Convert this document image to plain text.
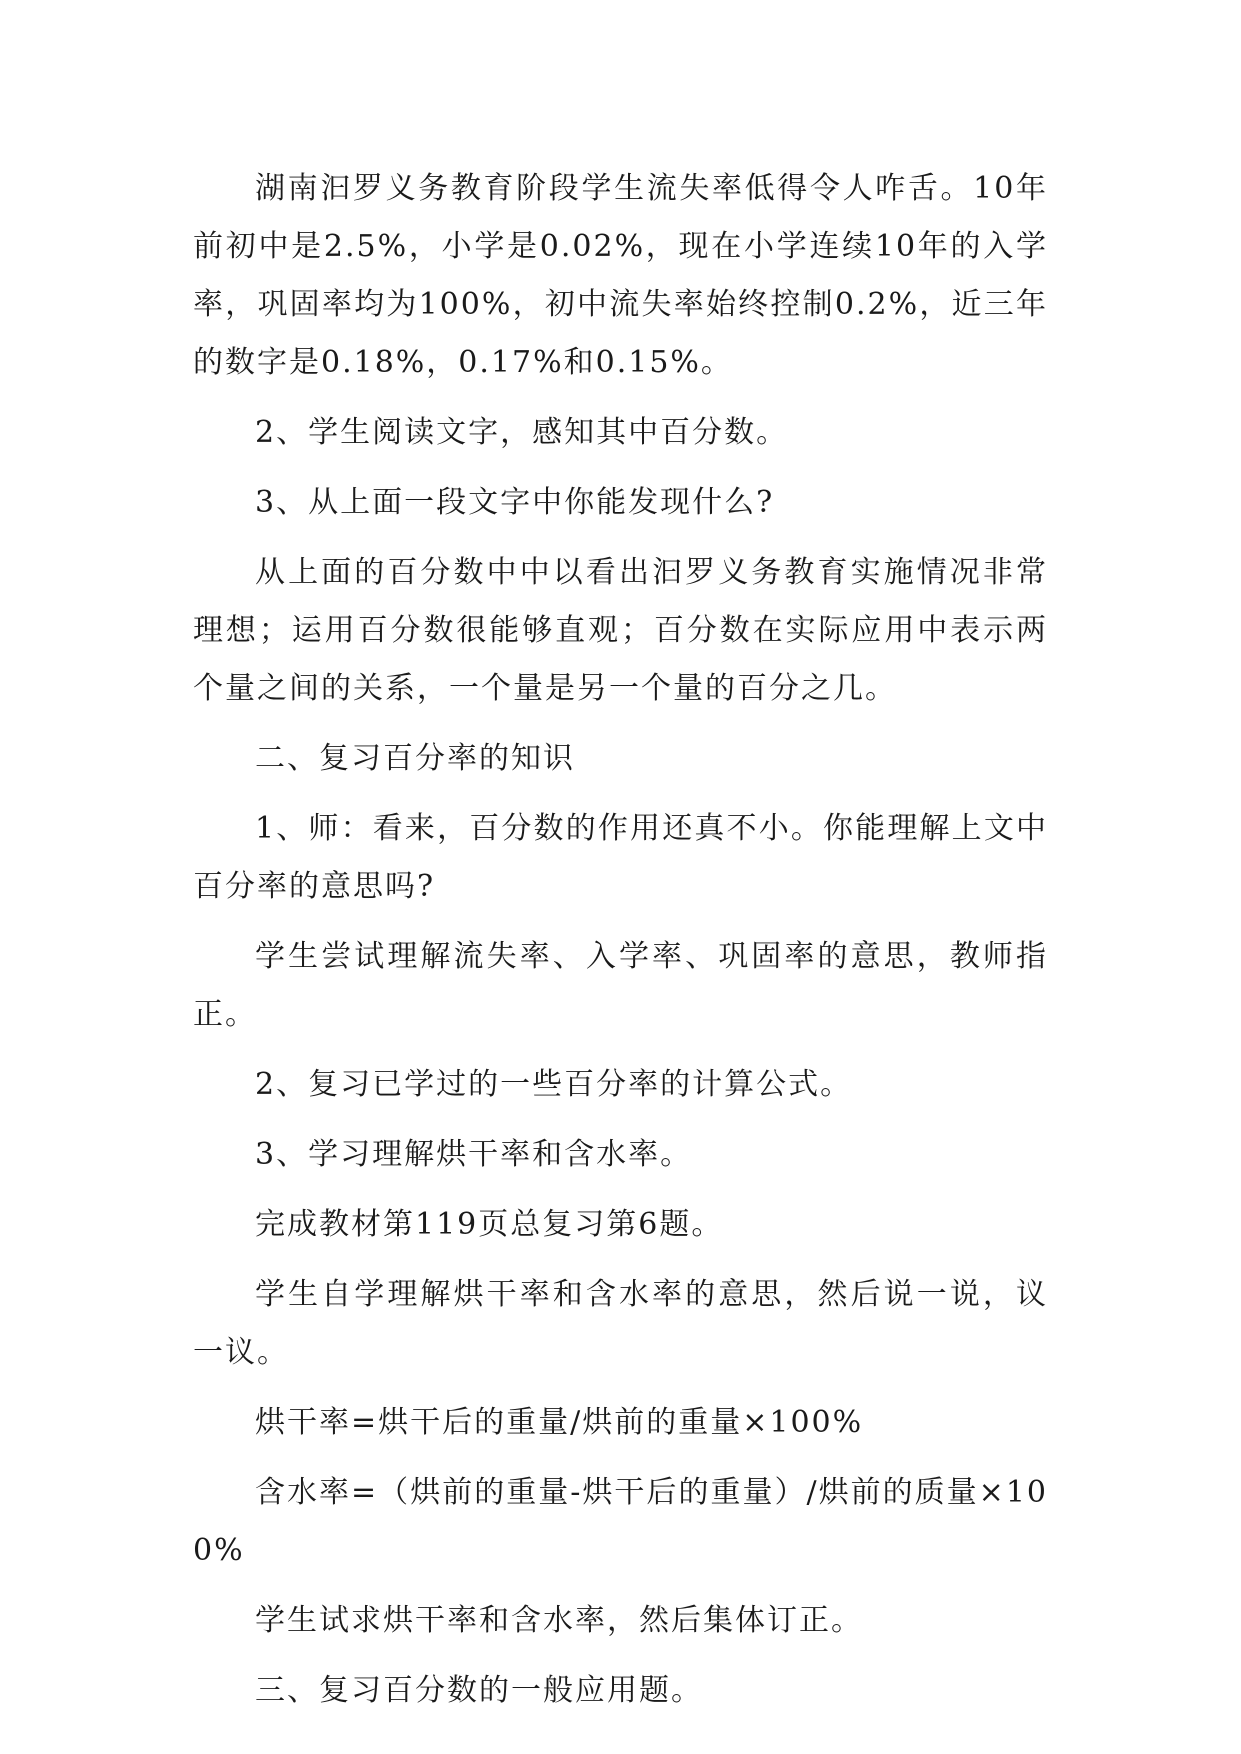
湖南汩罗义务教育阶段学生流失率低得令人咋舌。10年前初中是2.5%，小学是0.02%，现在小学连续10年的入学率，巩固率均为100%，初中流失率始终控制0.2%，近三年的数字是0.18%，0.17%和0.15%。

2、学生阅读文字，感知其中百分数。

3、从上面一段文字中你能发现什么?

从上面的百分数中中以看出汩罗义务教育实施情况非常理想；运用百分数很能够直观；百分数在实际应用中表示两个量之间的关系，一个量是另一个量的百分之几。

二、复习百分率的知识

1、师：看来，百分数的作用还真不小。你能理解上文中百分率的意思吗?

学生尝试理解流失率、入学率、巩固率的意思，教师指正。

2、复习已学过的一些百分率的计算公式。

3、学习理解烘干率和含水率。

完成教材第119页总复习第6题。

学生自学理解烘干率和含水率的意思，然后说一说，议一议。

烘干率=烘干后的重量/烘前的重量×100%

含水率=（烘前的重量-烘干后的重量）/烘前的质量×100%

学生试求烘干率和含水率，然后集体订正。

三、复习百分数的一般应用题。
